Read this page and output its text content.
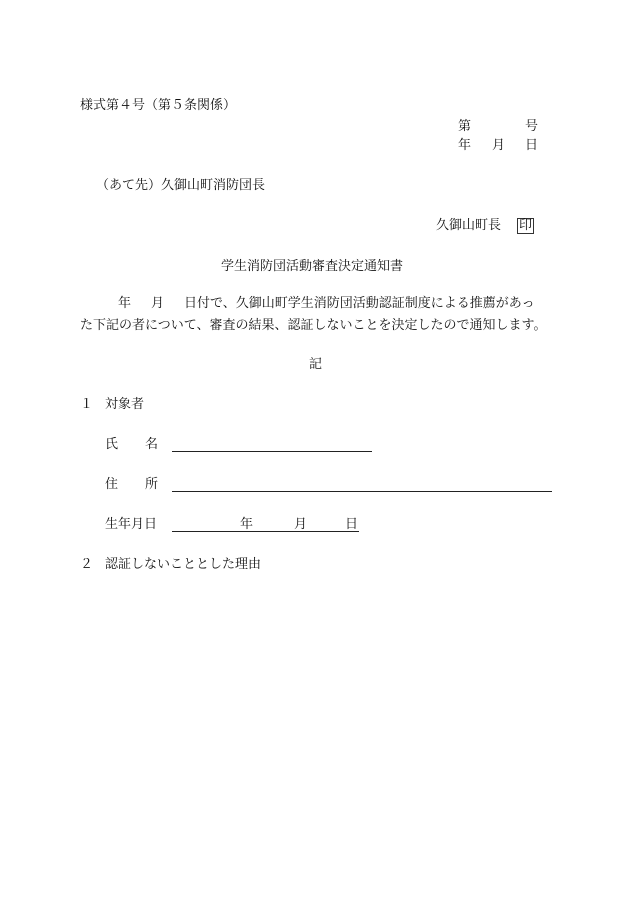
様式第４号（第５条関係）
第	号
年 月 日
（あて先）久御山町消防団長
久御山町長 印
学生消防団活動審査決定通知書
年 月 日付で、久御山町学生消防団活動認証制度による推薦があっ
た下記の者について、審査の結果、認証しないことを決定したので通知します。
記
１ 対象者
氏 名
住 所
生年月日	年	月	日
２ 認証しないこととした理由
